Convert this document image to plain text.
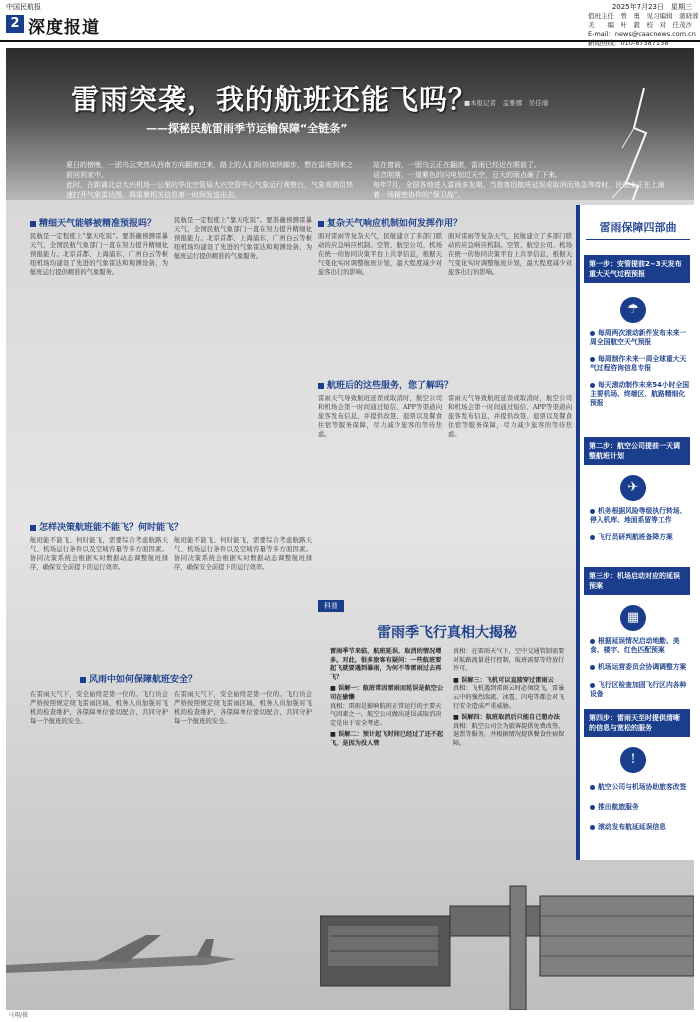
中国民航报	2025年7月23日　星期三
2 深度报道
值班主任　曾　勇　见习编辑　蒲晓蓉
美　　编　叶　毅　校　对　任茂沙
E-mail：news@caacnews.com.cn
新闻热线：010-87387138
雷雨突袭，我的航班还能飞吗？
——探秘民航雷雨季节运输保障“全链条”
■本报记者　孟雅娜　吴佳瑜

夏日的傍晚，一团乌云突然从西南方向翻滚过来，路上的人们纷纷加快脚步，想在雷雨到来之前回到家中。

此时，在距离北京大兴机场一公里的华北空管局大兴空管中心气象运行观察台，气象观测员快速打开气象雷达图，将雷暴相关信息第一时间发送出去。

站在窗前，一团乌云正在翻滚，雷雨已经近在眼前了。

话音刚落，一道紫色的闪电划过天空，豆大的雨点砸了下来。

每年7月，全国各地进入雷雨多发期。当旅客因航班延误或取消而焦急等待时，民航业正在上演着一场精密协作的“保卫战”。

精细天气能够被精准预报吗？

民航是一定程度上“靠天吃饭”。要准确预测雷暴天气，全国民航气象部门一直在努力提升精细化预报能力。北京首都、上海浦东、广州白云等枢纽机场均建设了先进的气象雷达和观测设备，为航班运行提供精准的气象服务。

民航是一定程度上“靠天吃饭”。要准确预测雷暴天气，全国民航气象部门一直在努力提升精细化预报能力。北京首都、上海浦东、广州白云等枢纽机场均建设了先进的气象雷达和观测设备，为航班运行提供精准的气象服务。

怎样决策航班能不能飞？何时能飞？

航班能不能飞、何时能飞，需要综合考虑航路天气、机场运行条件以及空域容量等多方面因素。协同决策系统会根据实时数据动态调整航班排序，确保安全前提下的运行效率。

航班能不能飞、何时能飞，需要综合考虑航路天气、机场运行条件以及空域容量等多方面因素。协同决策系统会根据实时数据动态调整航班排序，确保安全前提下的运行效率。

风雨中如何保障航班安全？

在雷雨天气下，安全始终是第一位的。飞行员会严格按照规定绕飞雷雨区域，机务人员加强对飞机的检查维护，各保障单位密切配合，共同守护每一个航班的安全。

在雷雨天气下，安全始终是第一位的。飞行员会严格按照规定绕飞雷雨区域，机务人员加强对飞机的检查维护，各保障单位密切配合，共同守护每一个航班的安全。

复杂天气响应机制如何发挥作用？

面对雷雨等复杂天气，民航建立了多部门联动的应急响应机制。空管、航空公司、机场在统一的协同决策平台上共享信息，根据天气变化实时调整航班计划，最大程度减少对旅客出行的影响。

面对雷雨等复杂天气，民航建立了多部门联动的应急响应机制。空管、航空公司、机场在统一的协同决策平台上共享信息，根据天气变化实时调整航班计划，最大程度减少对旅客出行的影响。

航班后的这些服务，您了解吗？

雷雨天气导致航班延误或取消时，航空公司和机场会第一时间通过短信、APP等渠道向旅客发布信息，并提供改签、退票以及餐食住宿等服务保障，尽力减少旅客的等待焦虑。

雷雨天气导致航班延误或取消时，航空公司和机场会第一时间通过短信、APP等渠道向旅客发布信息，并提供改签、退票以及餐食住宿等服务保障，尽力减少旅客的等待焦虑。

雷雨保障四部曲
第一步：安管提前2~3天发布重大天气过程预报
☂
每周两次滚动新件发布未来一周全国航空天气预报
每周制作未来一周全球重大天气过程咨询信息专报
每天滚动制作未来54小时全国主要机场、终端区、航路精细化预报
第二步：航空公司提前一天调整航班计划
✈
机务根据风险等级执行转场、停入机库、地面系留等工作
飞行员研判航班备降方案
第三步：机场启动对应的延误预案
▦
根据延误情况启动地勤、美食、楼宇、红色匹配预案
机场运营委员会协调调整方案
飞行区检查加固飞行区内各种设备
第四步：雷雨天至时提供清晰的信息与宽松的服务
!
航空公司与机场协助旅客改签
推出航旅服务
滚动发布航延延误信息
科普
雷雨季飞行真相大揭秘

雷雨季节来临，航班延误、取消的情况增多。对此，很多旅客有疑问：一些航班要起飞就要遇到暴雨，为何不等雷雨过去再飞？

■ 误解一：航班常因雷雨而延误是航空公司在偷懒

真相：雷雨是影响航班正常运行的主要天气因素之一，航空公司做出延误或取消决定是出于安全考虑。

■ 误解二：预计起飞时间已经过了还不起飞，是因为没人管

真相：在雷雨天气下，空中交通管制需要对航路流量进行控制，航班需要等待放行许可。

■ 误解三：飞机可以直接穿过雷雨云

真相：飞机遇到雷雨云时必须绕飞，雷暴云中的强烈湍流、冰雹、闪电等都会对飞行安全造成严重威胁。

■ 误解四：航班取消后只能自己想办法

真相：航空公司会为旅客提供免费改签、退票等服务，并根据情况提供餐食住宿保障。

马翔/摄
